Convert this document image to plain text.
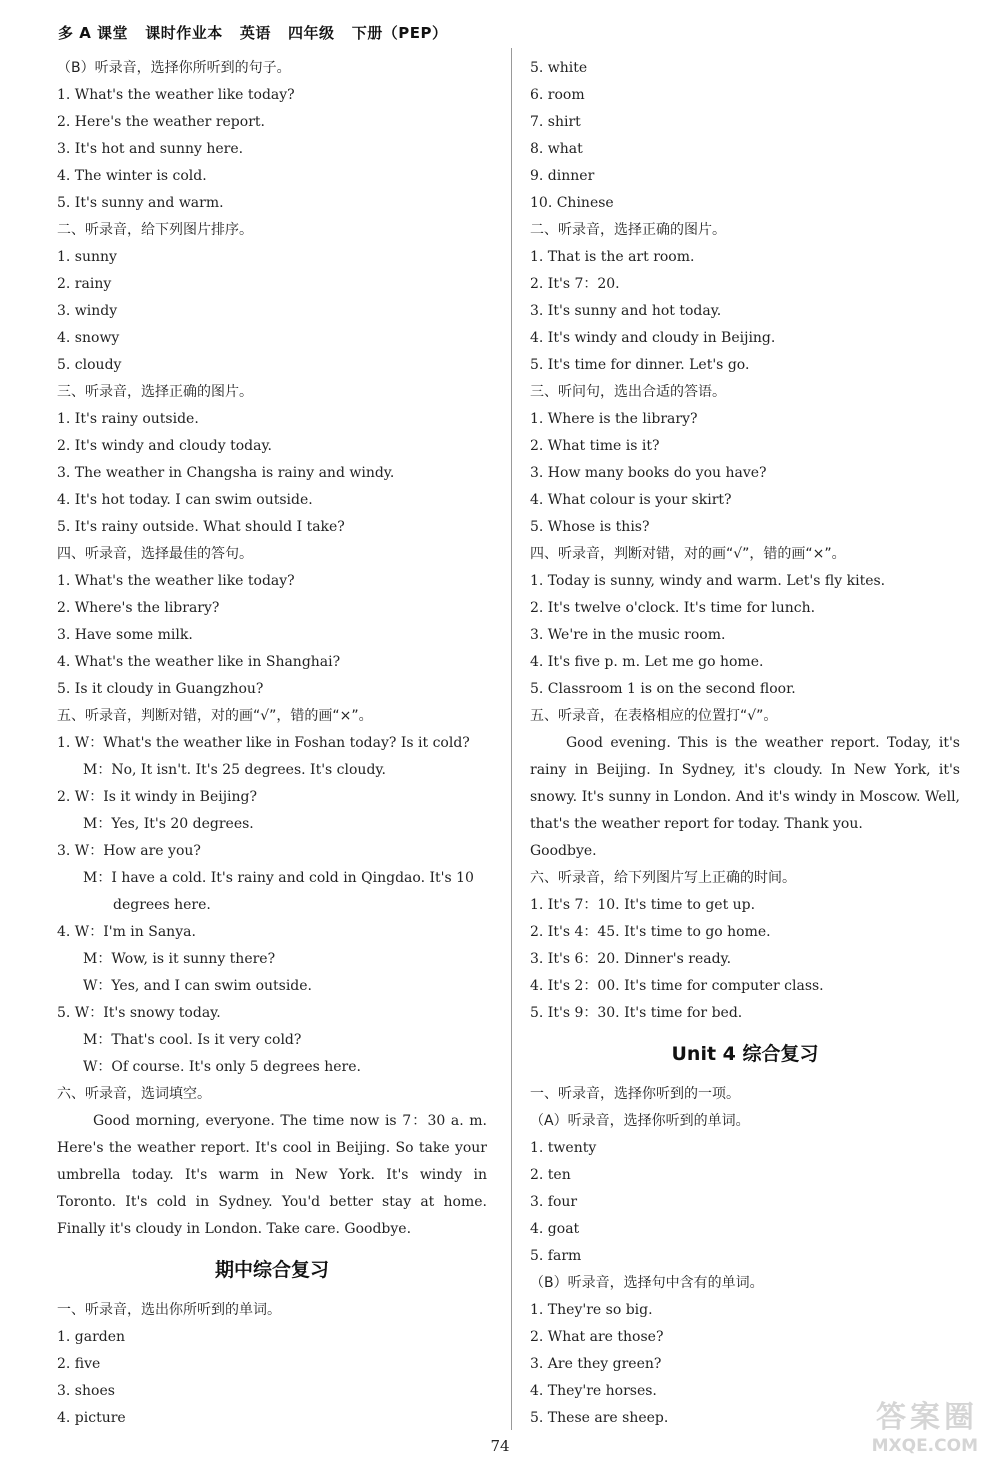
多 A 课堂   课时作业本   英语   四年级   下册（PEP）
（B）听录音，选择你所听到的句子。
1. What's the weather like today?
2. Here's the weather report.
3. It's hot and sunny here.
4. The winter is cold.
5. It's sunny and warm.
二、听录音，给下列图片排序。
1. sunny
2. rainy
3. windy
4. snowy
5. cloudy
三、听录音，选择正确的图片。
1. It's rainy outside.
2. It's windy and cloudy today.
3. The weather in Changsha is rainy and windy.
4. It's hot today. I can swim outside.
5. It's rainy outside. What should I take?
四、听录音，选择最佳的答句。
1. What's the weather like today?
2. Where's the library?
3. Have some milk.
4. What's the weather like in Shanghai?
5. Is it cloudy in Guangzhou?
五、听录音，判断对错，对的画“√”，错的画“×”。
1. W：What's the weather like in Foshan today? Is it cold?
M：No, It isn't. It's 25 degrees. It's cloudy.
2. W：Is it windy in Beijing?
M：Yes, It's 20 degrees.
3. W：How are you?
M：I have a cold. It's rainy and cold in Qingdao. It's 10
degrees here.
4. W：I'm in Sanya.
M：Wow, is it sunny there?
W：Yes, and I can swim outside.
5. W：It's snowy today.
M：That's cool. Is it very cold?
W：Of course. It's only 5 degrees here.
六、听录音，选词填空。
Good morning, everyone. The time now is 7：30 a. m. Here's the weather report. It's cool in Beijing. So take your umbrella today. It's warm in New York. It's windy in Toronto. It's cold in Sydney. You'd better stay at home. Finally it's cloudy in London. Take care. Goodbye.
期中综合复习
一、听录音，选出你所听到的单词。
1. garden
2. five
3. shoes
4. picture
5. white
6. room
7. shirt
8. what
9. dinner
10. Chinese
二、听录音，选择正确的图片。
1. That is the art room.
2. It's 7：20.
3. It's sunny and hot today.
4. It's windy and cloudy in Beijing.
5. It's time for dinner. Let's go.
三、听问句，选出合适的答语。
1. Where is the library?
2. What time is it?
3. How many books do you have?
4. What colour is your skirt?
5. Whose is this?
四、听录音，判断对错，对的画“√”，错的画“×”。
1. Today is sunny, windy and warm. Let's fly kites.
2. It's twelve o'clock. It's time for lunch.
3. We're in the music room.
4. It's five p. m. Let me go home.
5. Classroom 1 is on the second floor.
五、听录音，在表格相应的位置打“√”。
Good evening. This is the weather report. Today, it's rainy in Beijing. In Sydney, it's cloudy. In New York, it's snowy. It's sunny in London. And it's windy in Moscow. Well, that's the weather report for today. Thank you.
Goodbye.
六、听录音，给下列图片写上正确的时间。
1. It's 7：10. It's time to get up.
2. It's 4：45. It's time to go home.
3. It's 6：20. Dinner's ready.
4. It's 2：00. It's time for computer class.
5. It's 9：30. It's time for bed.
Unit 4 综合复习
一、听录音，选择你听到的一项。
（A）听录音，选择你听到的单词。
1. twenty
2. ten
3. four
4. goat
5. farm
（B）听录音，选择句中含有的单词。
1. They're so big.
2. What are those?
3. Are they green?
4. They're horses.
5. These are sheep.
74
答案圈
MXQE.COM
